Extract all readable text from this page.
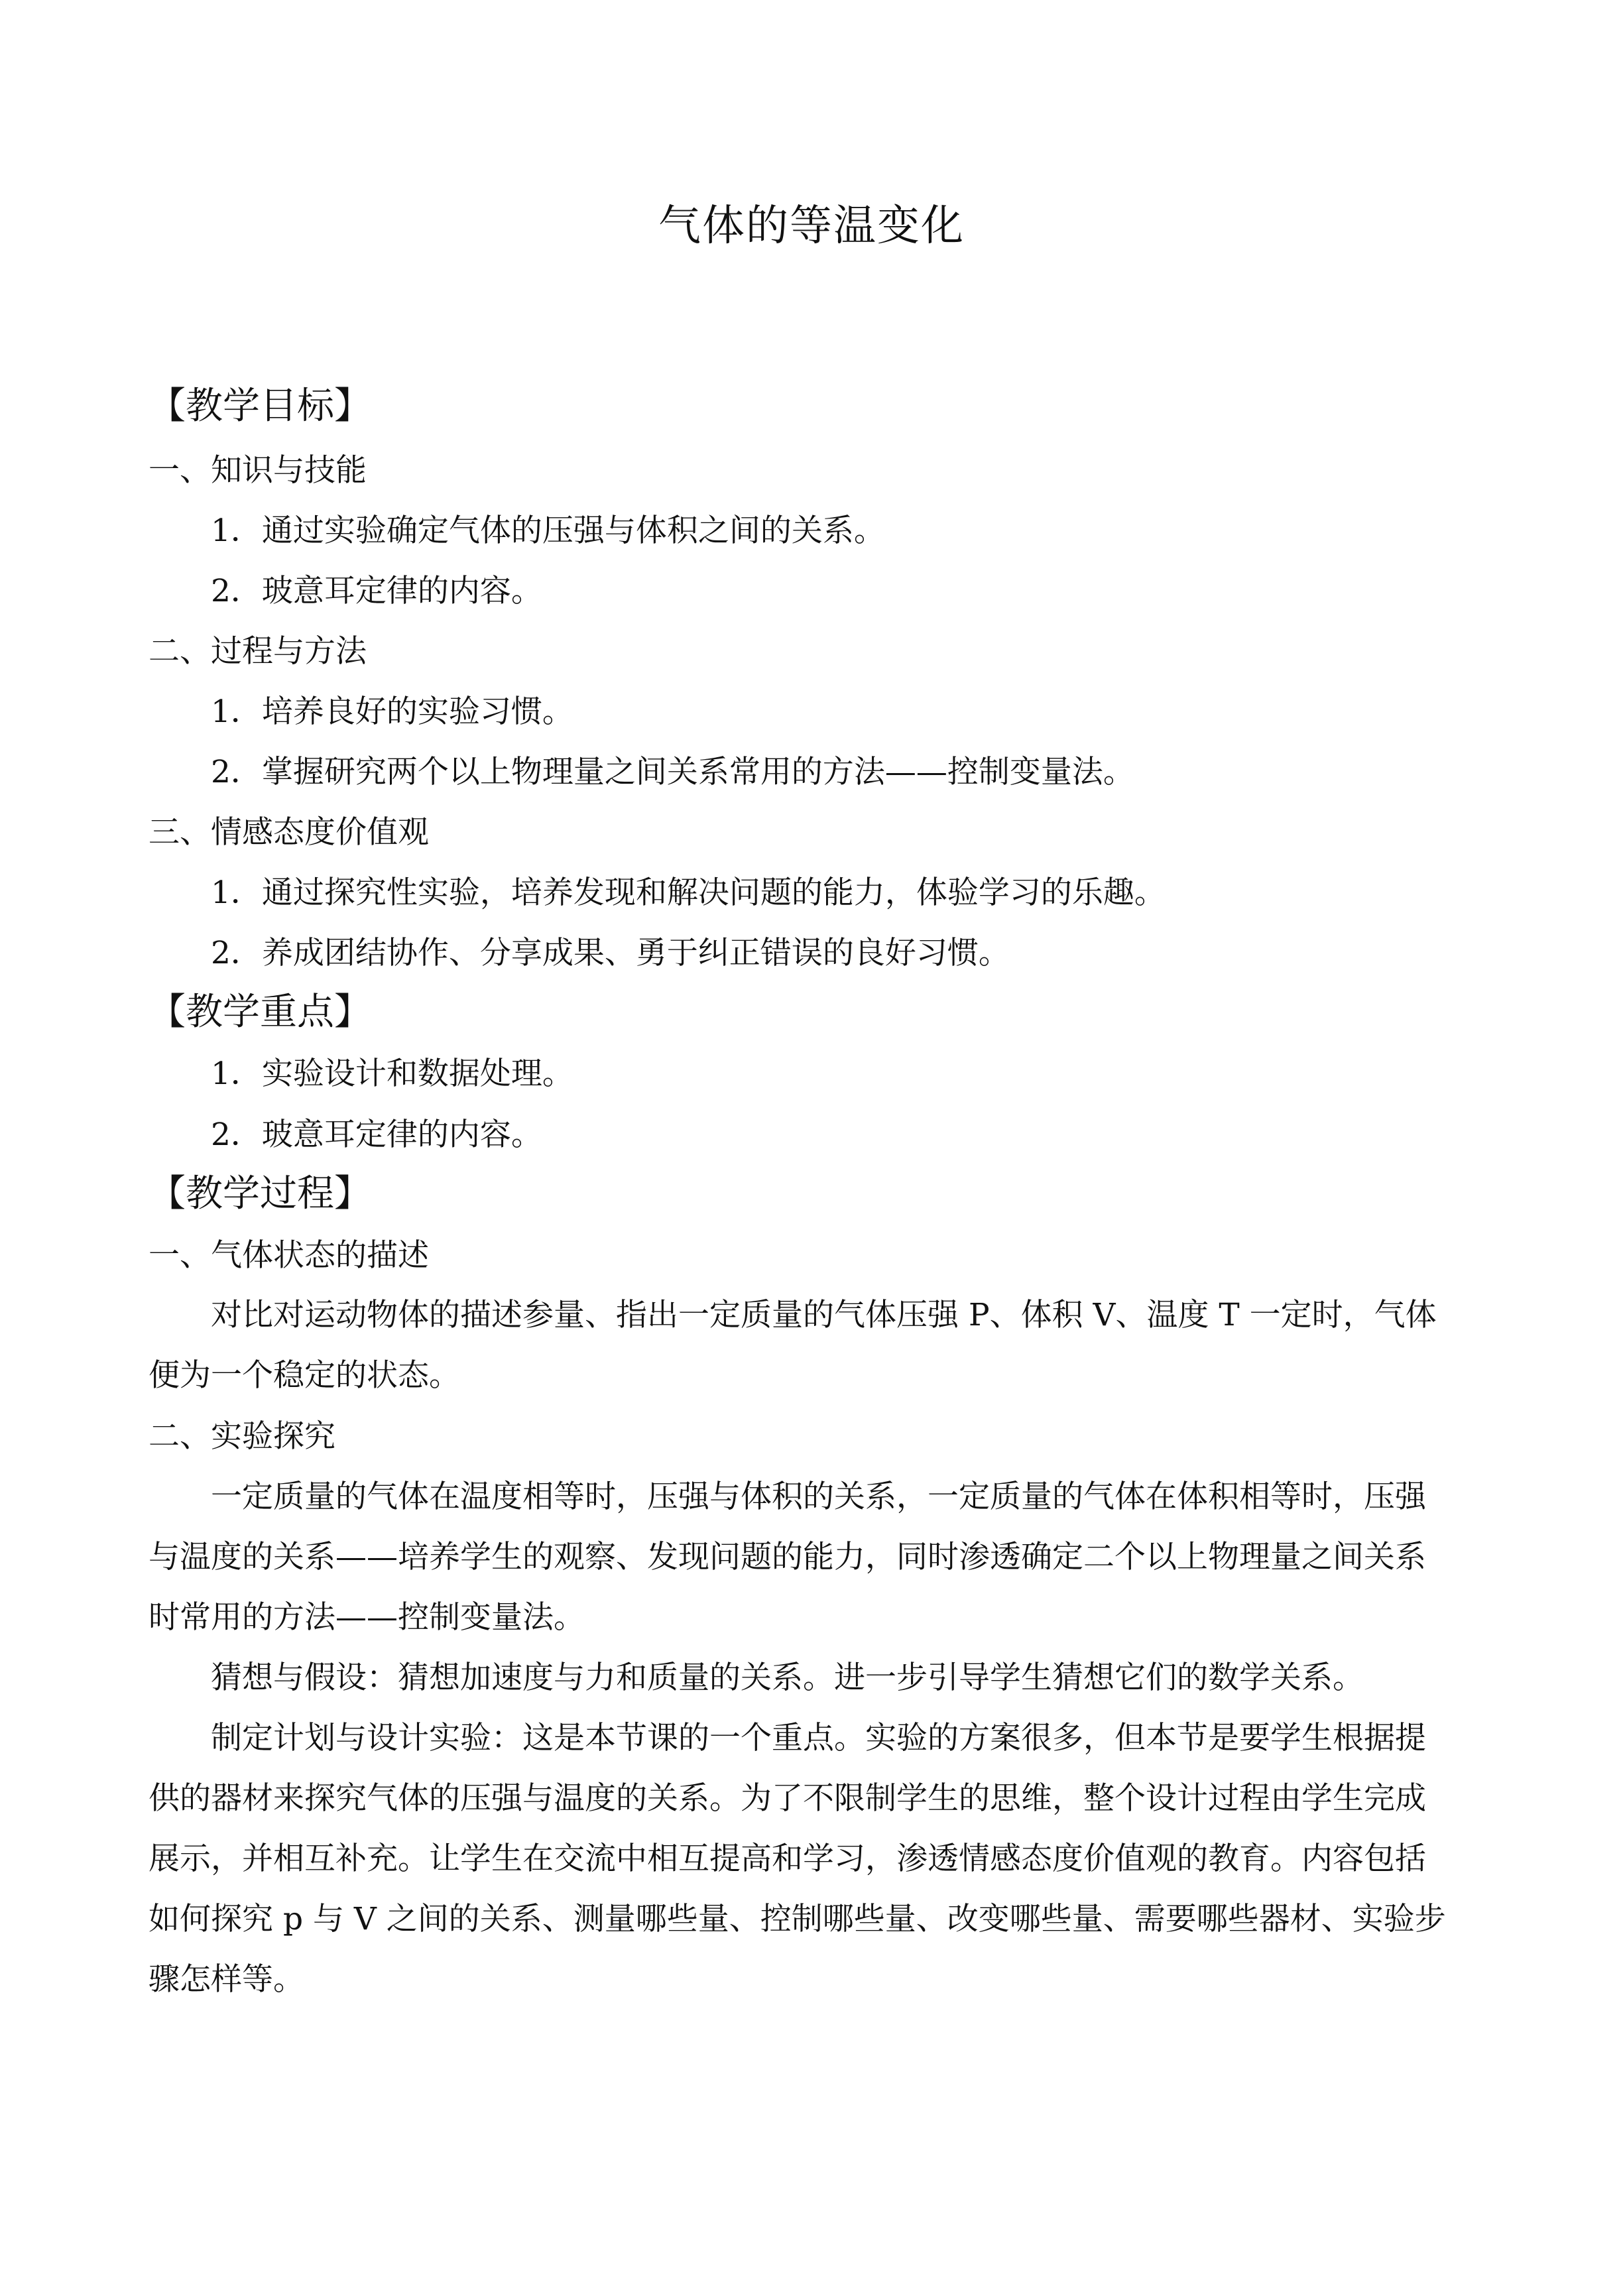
气体的等温变化
【教学目标】
一、知识与技能
1．通过实验确定气体的压强与体积之间的关系。
2．玻意耳定律的内容。
二、过程与方法
1．培养良好的实验习惯。
2．掌握研究两个以上物理量之间关系常用的方法——控制变量法。
三、情感态度价值观
1．通过探究性实验，培养发现和解决问题的能力，体验学习的乐趣。
2．养成团结协作、分享成果、勇于纠正错误的良好习惯。
【教学重点】
1．实验设计和数据处理。
2．玻意耳定律的内容。
【教学过程】
一、气体状态的描述
对比对运动物体的描述参量、指出一定质量的气体压强 P、体积 V、温度 T 一定时，气体
便为一个稳定的状态。
二、实验探究
一定质量的气体在温度相等时，压强与体积的关系，一定质量的气体在体积相等时，压强
与温度的关系——培养学生的观察、发现问题的能力，同时渗透确定二个以上物理量之间关系
时常用的方法——控制变量法。
猜想与假设：猜想加速度与力和质量的关系。进一步引导学生猜想它们的数学关系。
制定计划与设计实验：这是本节课的一个重点。实验的方案很多，但本节是要学生根据提
供的器材来探究气体的压强与温度的关系。为了不限制学生的思维，整个设计过程由学生完成
展示，并相互补充。让学生在交流中相互提高和学习，渗透情感态度价值观的教育。内容包括
如何探究 p 与 V 之间的关系、测量哪些量、控制哪些量、改变哪些量、需要哪些器材、实验步
骤怎样等。
